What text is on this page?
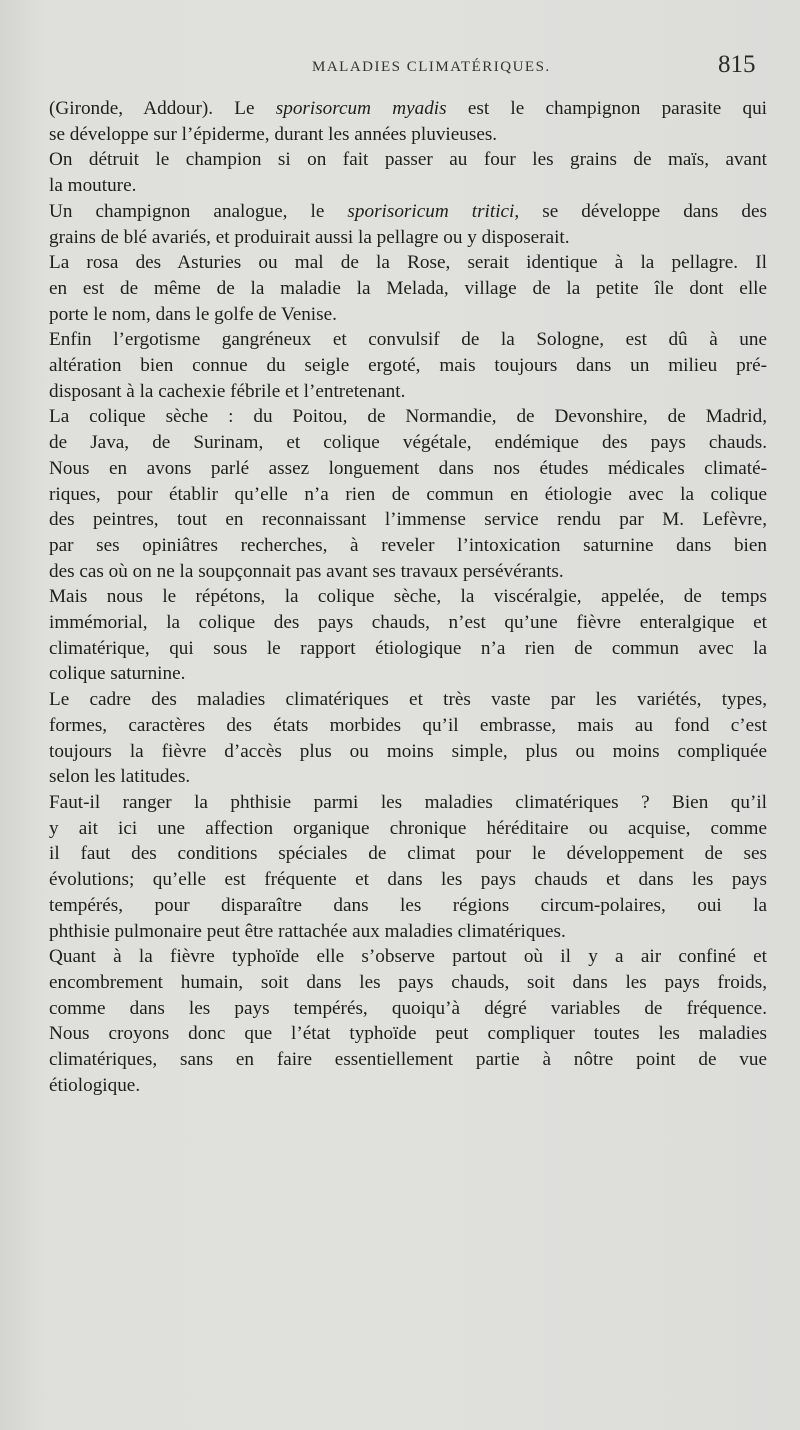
MALADIES CLIMATÉRIQUES.	815

(Gironde, Addour). Le sporisorcum myadis est le champignon parasite qui
se développe sur l’épiderme, durant les années pluvieuses.

On détruit le champion si on fait passer au four les grains de maïs, avant
la mouture.

Un champignon analogue, le sporisoricum tritici, se développe dans des
grains de blé avariés, et produirait aussi la pellagre ou y disposerait.

La rosa des Asturies ou mal de la Rose, serait identique à la pellagre. Il
en est de même de la maladie la Melada, village de la petite île dont elle
porte le nom, dans le golfe de Venise.

Enfin l’ergotisme gangréneux et convulsif de la Sologne, est dû à une
altération bien connue du seigle ergoté, mais toujours dans un milieu pré-
disposant à la cachexie fébrile et l’entretenant.

La colique sèche : du Poitou, de Normandie, de Devonshire, de Madrid,
de Java, de Surinam, et colique végétale, endémique des pays chauds.
Nous en avons parlé assez longuement dans nos études médicales climaté-
riques, pour établir qu’elle n’a rien de commun en étiologie avec la colique
des peintres, tout en reconnaissant l’immense service rendu par M. Lefèvre,
par ses opiniâtres recherches, à reveler l’intoxication saturnine dans bien
des cas où on ne la soupçonnait pas avant ses travaux persévérants.

Mais nous le répétons, la colique sèche, la viscéralgie, appelée, de temps
immémorial, la colique des pays chauds, n’est qu’une fièvre enteralgique et
climatérique, qui sous le rapport étiologique n’a rien de commun avec la
colique saturnine.

Le cadre des maladies climatériques et très vaste par les variétés, types,
formes, caractères des états morbides qu’il embrasse, mais au fond c’est
toujours la fièvre d’accès plus ou moins simple, plus ou moins compliquée
selon les latitudes.

Faut-il ranger la phthisie parmi les maladies climatériques ? Bien qu’il
y ait ici une affection organique chronique héréditaire ou acquise, comme
il faut des conditions spéciales de climat pour le développement de ses
évolutions; qu’elle est fréquente et dans les pays chauds et dans les pays
tempérés, pour disparaître dans les régions circum-polaires, oui la
phthisie pulmonaire peut être rattachée aux maladies climatériques.

Quant à la fièvre typhoïde elle s’observe partout où il y a air confiné et
encombrement humain, soit dans les pays chauds, soit dans les pays froids,
comme dans les pays tempérés, quoiqu’à dégré variables de fréquence.
Nous croyons donc que l’état typhoïde peut compliquer toutes les maladies
climatériques, sans en faire essentiellement partie à nôtre point de vue
étiologique.
